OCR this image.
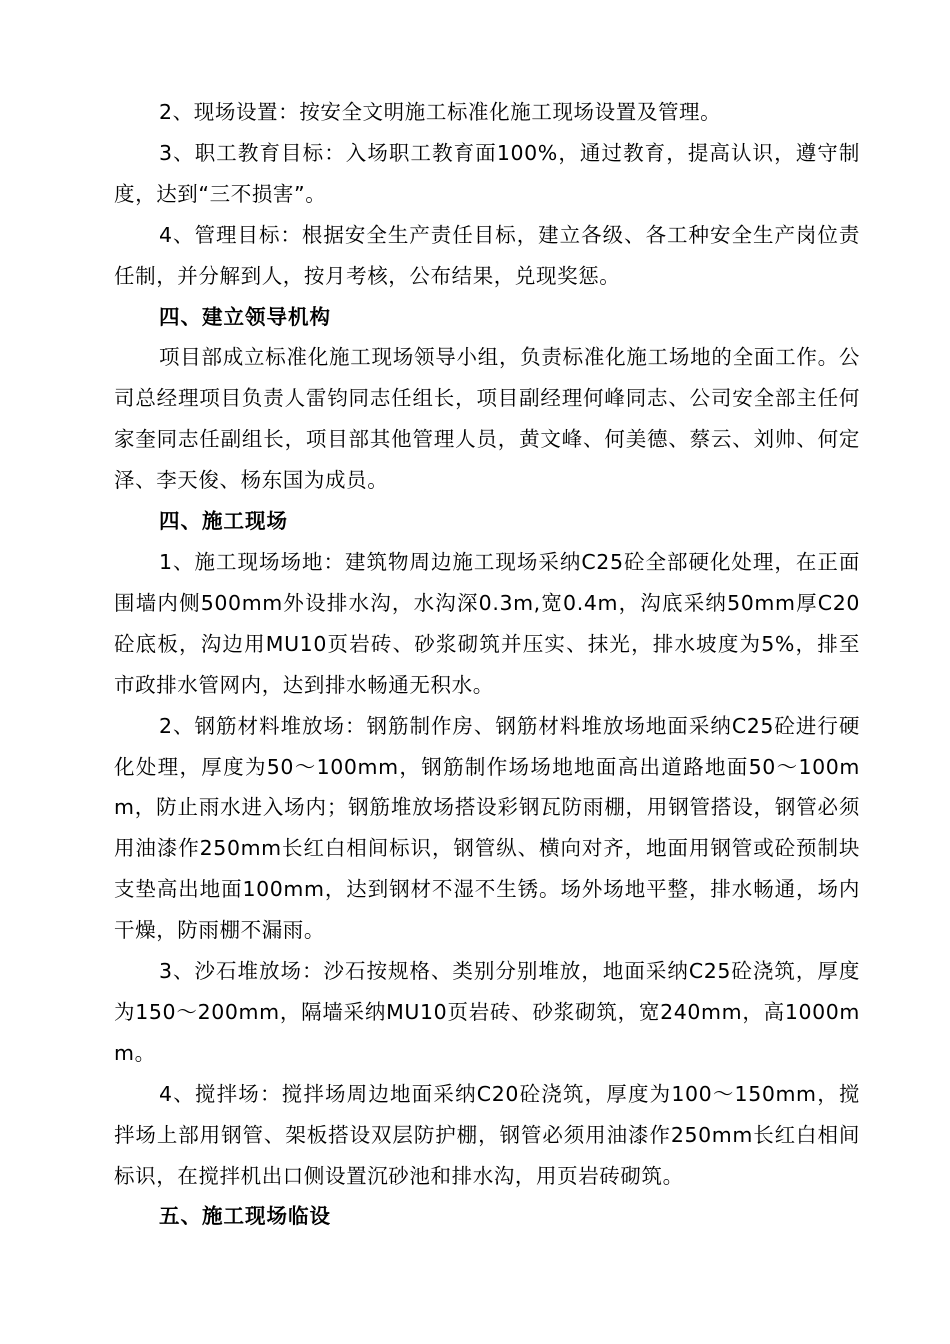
2、现场设置：按安全文明施工标准化施工现场设置及管理。

3、职工教育目标：入场职工教育面100%，通过教育，提高认识，遵守制度，达到“三不损害”。

4、管理目标：根据安全生产责任目标，建立各级、各工种安全生产岗位责任制，并分解到人，按月考核，公布结果，兑现奖惩。

四、建立领导机构

项目部成立标准化施工现场领导小组，负责标准化施工场地的全面工作。公司总经理项目负责人雷钧同志任组长，项目副经理何峰同志、公司安全部主任何家奎同志任副组长，项目部其他管理人员，黄文峰、何美德、蔡云、刘帅、何定泽、李天俊、杨东国为成员。

四、施工现场

1、施工现场场地：建筑物周边施工现场采纳C25砼全部硬化处理，在正面围墙内侧500mm外设排水沟，水沟深0.3m,宽0.4m，沟底采纳50mm厚C20砼底板，沟边用MU10页岩砖、砂浆砌筑并压实、抹光，排水坡度为5%，排至市政排水管网内，达到排水畅通无积水。

2、钢筋材料堆放场：钢筋制作房、钢筋材料堆放场地面采纳C25砼进行硬化处理，厚度为50～100mm，钢筋制作场场地地面高出道路地面50～100mm，防止雨水进入场内；钢筋堆放场搭设彩钢瓦防雨棚，用钢管搭设，钢管必须用油漆作250mm长红白相间标识，钢管纵、横向对齐，地面用钢管或砼预制块支垫高出地面100mm，达到钢材不湿不生锈。场外场地平整，排水畅通，场内干燥，防雨棚不漏雨。

3、沙石堆放场：沙石按规格、类别分别堆放，地面采纳C25砼浇筑，厚度为150～200mm，隔墙采纳MU10页岩砖、砂浆砌筑，宽240mm，高1000mm。

4、搅拌场：搅拌场周边地面采纳C20砼浇筑，厚度为100～150mm，搅拌场上部用钢管、架板搭设双层防护棚，钢管必须用油漆作250mm长红白相间标识，在搅拌机出口侧设置沉砂池和排水沟，用页岩砖砌筑。

五、施工现场临设
